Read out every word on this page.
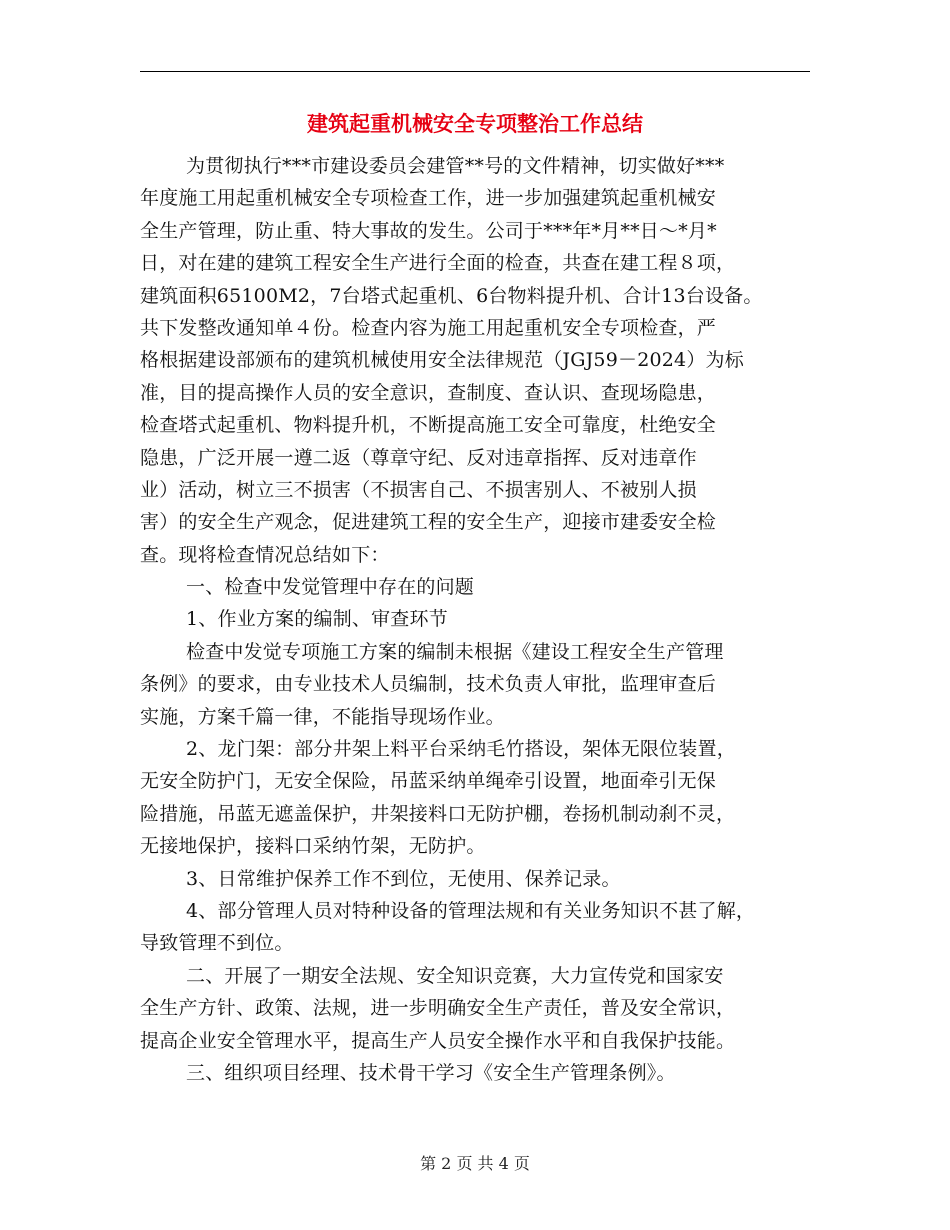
建筑起重机械安全专项整治工作总结
为贯彻执行***市建设委员会建管**号的文件精神，切实做好***
年度施工用起重机械安全专项检查工作，进一步加强建筑起重机械安
全生产管理，防止重、特大事故的发生。公司于***年*月**日～*月*
日，对在建的建筑工程安全生产进行全面的检查，共查在建工程８项，
建筑面积65100M2，7台塔式起重机、6台物料提升机、合计13台设备。
共下发整改通知单４份。检查内容为施工用起重机安全专项检查，严
格根据建设部颁布的建筑机械使用安全法律规范（JGJ59－2024）为标
准，目的提高操作人员的安全意识，查制度、查认识、查现场隐患，
检查塔式起重机、物料提升机，不断提高施工安全可靠度，杜绝安全
隐患，广泛开展一遵二返（尊章守纪、反对违章指挥、反对违章作
业）活动，树立三不损害（不损害自己、不损害别人、不被别人损
害）的安全生产观念，促进建筑工程的安全生产，迎接市建委安全检
查。现将检查情况总结如下：
一、检查中发觉管理中存在的问题
1、作业方案的编制、审查环节
检查中发觉专项施工方案的编制未根据《建设工程安全生产管理
条例》的要求，由专业技术人员编制，技术负责人审批，监理审查后
实施，方案千篇一律，不能指导现场作业。
2、龙门架：部分井架上料平台采纳毛竹搭设，架体无限位装置，
无安全防护门，无安全保险，吊蓝采纳单绳牵引设置，地面牵引无保
险措施，吊蓝无遮盖保护，井架接料口无防护棚，卷扬机制动刹不灵，
无接地保护，接料口采纳竹架，无防护。
3、日常维护保养工作不到位，无使用、保养记录。
4、部分管理人员对特种设备的管理法规和有关业务知识不甚了解，
导致管理不到位。
二、开展了一期安全法规、安全知识竞赛，大力宣传党和国家安
全生产方针、政策、法规，进一步明确安全生产责任，普及安全常识，
提高企业安全管理水平，提高生产人员安全操作水平和自我保护技能。
三、组织项目经理、技术骨干学习《安全生产管理条例》。
第 2 页 共 4 页
